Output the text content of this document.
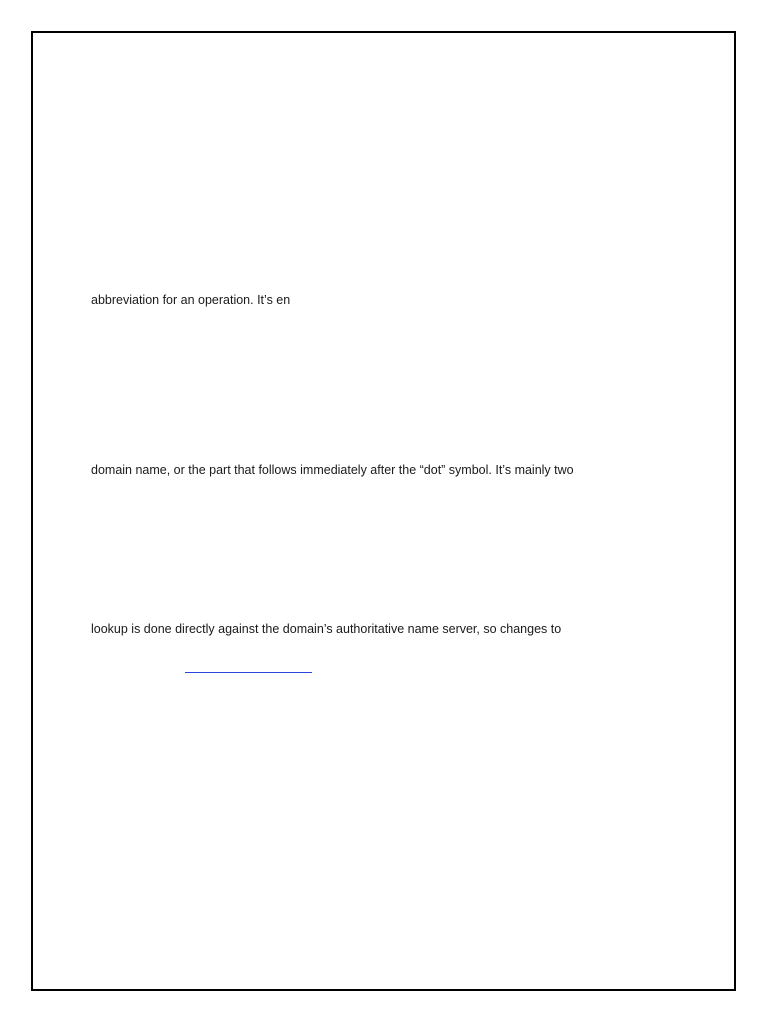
abbreviation for an operation. It’s en
domain name, or the part that follows immediately after the “dot” symbol. It’s mainly two
lookup is done directly against the domain’s authoritative name server, so changes to
